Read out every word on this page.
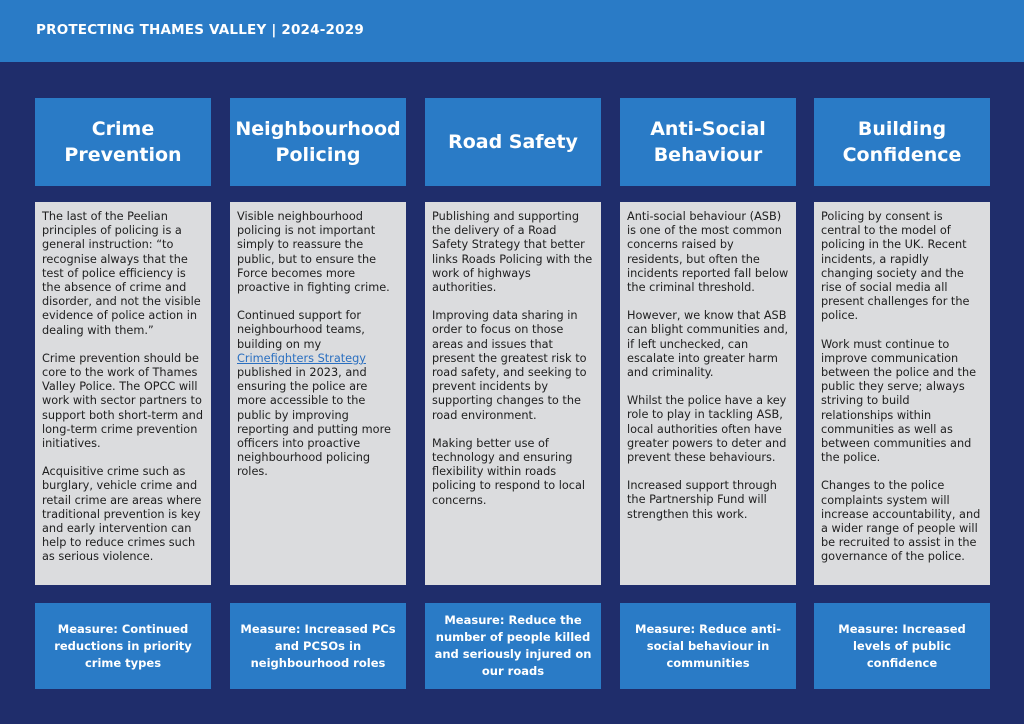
PROTECTING THAMES VALLEY | 2024-2029
Crime Prevention

The last of the Peelian principles of policing is a general instruction: “to recognise always that the test of police efficiency is the absence of crime and disorder, and not the visible evidence of police action in dealing with them.”

Crime prevention should be core to the work of Thames Valley Police. The OPCC will work with sector partners to support both short-term and long-term crime prevention initiatives.

Acquisitive crime such as burglary, vehicle crime and retail crime are areas where traditional prevention is key and early intervention can help to reduce crimes such as serious violence.

Measure: Continued reductions in priority crime types
Neighbourhood Policing

Visible neighbourhood policing is not important simply to reassure the public, but to ensure the Force becomes more proactive in fighting crime.

Continued support for neighbourhood teams, building on my Crimefighters Strategy published in 2023, and ensuring the police are more accessible to the public by improving reporting and putting more officers into proactive neighbourhood policing roles.

Measure: Increased PCs and PCSOs in neighbourhood roles
Road Safety

Publishing and supporting the delivery of a Road Safety Strategy that better links Roads Policing with the work of highways authorities.

Improving data sharing in order to focus on those areas and issues that present the greatest risk to road safety, and seeking to prevent incidents by supporting changes to the road environment.

Making better use of technology and ensuring flexibility within roads policing to respond to local concerns.

Measure: Reduce the number of people killed and seriously injured on our roads
Anti-Social Behaviour

Anti-social behaviour (ASB) is one of the most common concerns raised by residents, but often the incidents reported fall below the criminal threshold.

However, we know that ASB can blight communities and, if left unchecked, can escalate into greater harm and criminality.

Whilst the police have a key role to play in tackling ASB, local authorities often have greater powers to deter and prevent these behaviours.

Increased support through the Partnership Fund will strengthen this work.

Measure: Reduce anti-social behaviour in communities
Building Confidence

Policing by consent is central to the model of policing in the UK. Recent incidents, a rapidly changing society and the rise of social media all present challenges for the police.

Work must continue to improve communication between the police and the public they serve; always striving to build relationships within communities as well as between communities and the police.

Changes to the police complaints system will increase accountability, and a wider range of people will be recruited to assist in the governance of the police.

Measure: Increased levels of public confidence
